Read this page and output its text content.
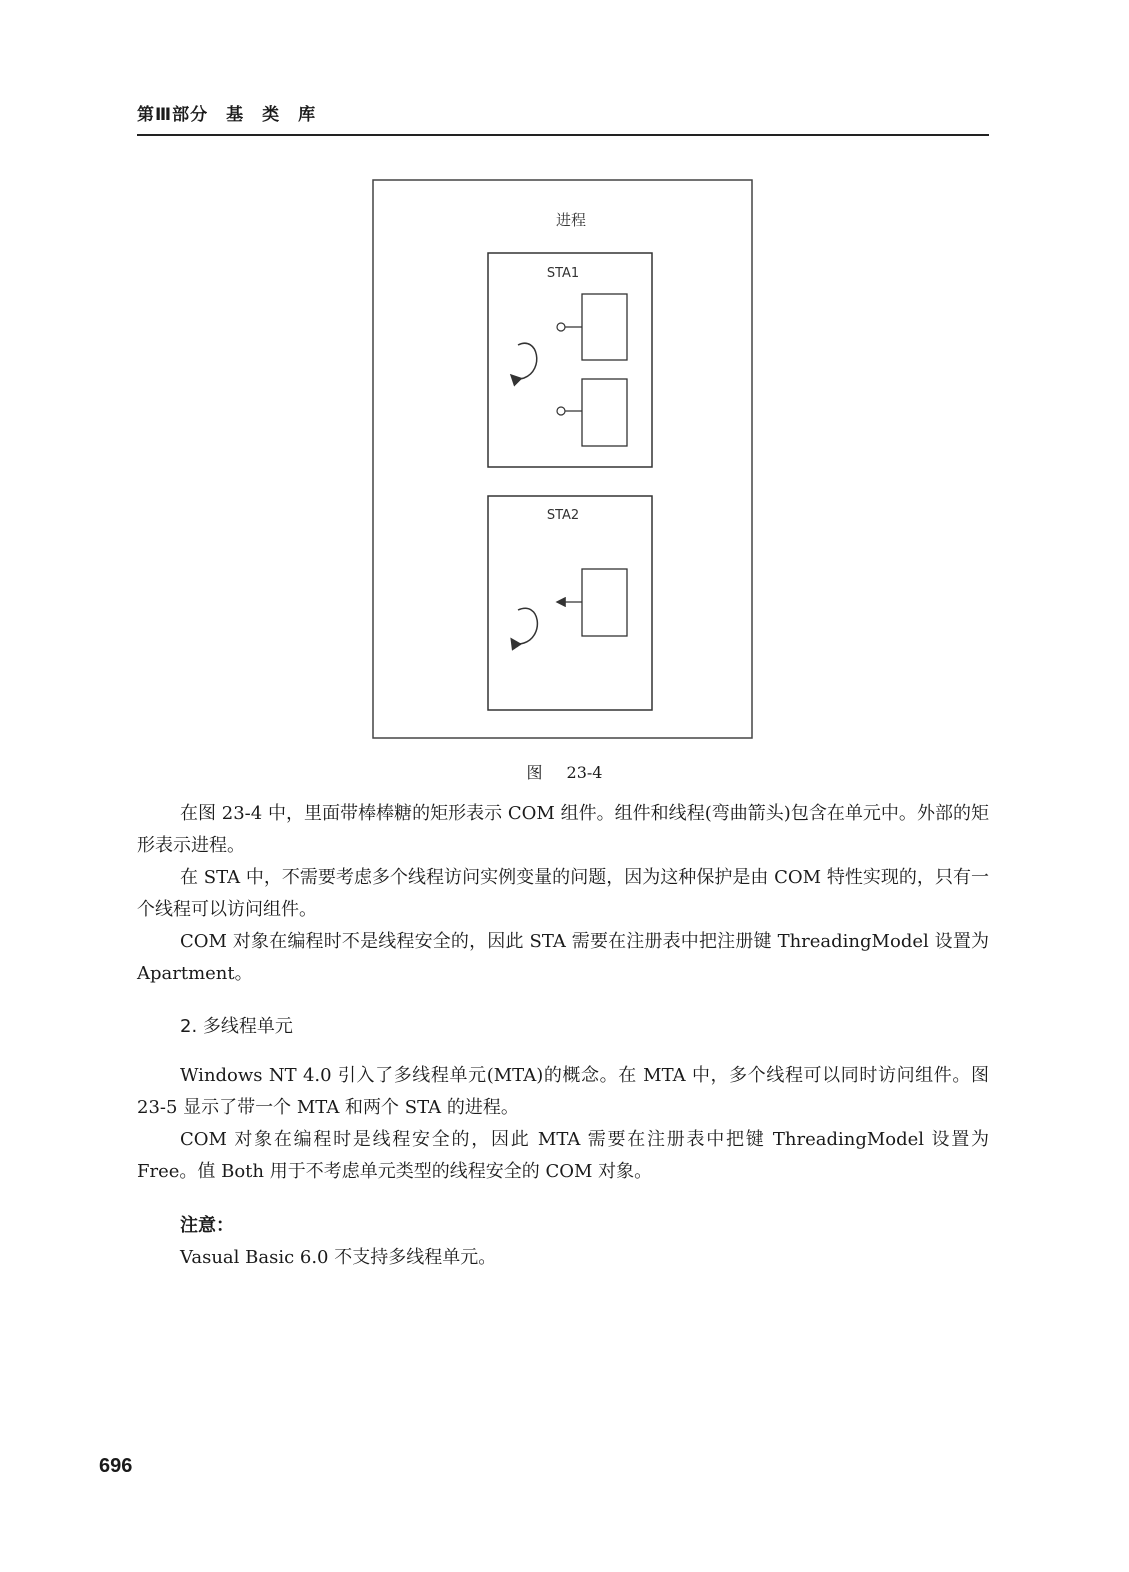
第Ⅲ部分　基　类　库
进程
STA1
STA2
图 23-4

在图 23-4 中，里面带棒棒糖的矩形表示 COM 组件。组件和线程(弯曲箭头)包含在单元中。外部的矩形表示进程。

在 STA 中，不需要考虑多个线程访问实例变量的问题，因为这种保护是由 COM 特性实现的，只有一个线程可以访问组件。

COM 对象在编程时不是线程安全的，因此 STA 需要在注册表中把注册键 ThreadingModel 设置为 Apartment。

2. 多线程单元

Windows NT 4.0 引入了多线程单元(MTA)的概念。在 MTA 中，多个线程可以同时访问组件。图 23-5 显示了带一个 MTA 和两个 STA 的进程。

COM 对象在编程时是线程安全的，因此 MTA 需要在注册表中把键 ThreadingModel 设置为 Free。值 Both 用于不考虑单元类型的线程安全的 COM 对象。

注意：
Vasual Basic 6.0 不支持多线程单元。
696
